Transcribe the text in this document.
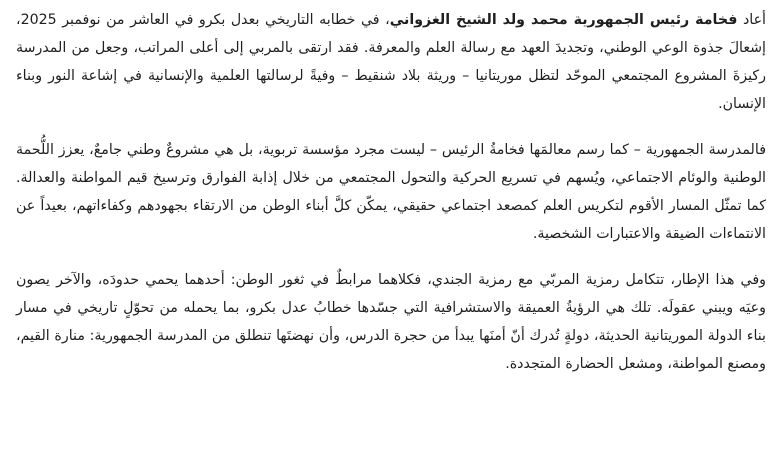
أعاد فخامة رئيس الجمهورية محمد ولد الشيخ الغزواني، في خطابه التاريخي بعدل بكرو في العاشر من نوفمبر 2025، إشعالَ جذوة الوعي الوطني، وتجديدَ العهد مع رسالة العلم والمعرفة. فقد ارتقى بالمربي إلى أعلى المراتب، وجعل من المدرسة ركيزةَ المشروع المجتمعي الموحّد لتظل موريتانيا – وريثة بلاد شنقيط – وفيةً لرسالتها العلمية والإنسانية في إشاعة النور وبناء الإنسان.

فالمدرسة الجمهورية – كما رسم معالمَها فخامةُ الرئيس – ليست مجرد مؤسسة تربوية، بل هي مشروعٌ وطني جامعٌ، يعزز اللُّحمة الوطنية والوئام الاجتماعي، ويُسهم في تسريع الحركية والتحول المجتمعي من خلال إذابة الفوارق وترسيخ قيم المواطنة والعدالة. كما تمثّل المسار الأقوم لتكريس العلم كمصعد اجتماعي حقيقي، يمكّن كلَّ أبناء الوطن من الارتقاء بجهودهم وكفاءاتهم، بعيداً عن الانتماءات الضيقة والاعتبارات الشخصية.

وفي هذا الإطار، تتكامل رمزية المربّي مع رمزية الجندي، فكلاهما مرابطٌ في ثغور الوطن: أحدهما يحمي حدودَه، والآخر يصون وعيَه ويبني عقولَه. تلك هي الرؤيةُ العميقة والاستشرافية التي جسّدها خطابُ عدل بكرو، بما يحمله من تحوّلٍ تاريخي في مسار بناء الدولة الموريتانية الحديثة، دولةٍ تُدرك أنّ أمنَها يبدأ من حجرة الدرس، وأن نهضتَها تنطلق من المدرسة الجمهورية: منارة القيم، ومصنع المواطنة، ومشعل الحضارة المتجددة.
